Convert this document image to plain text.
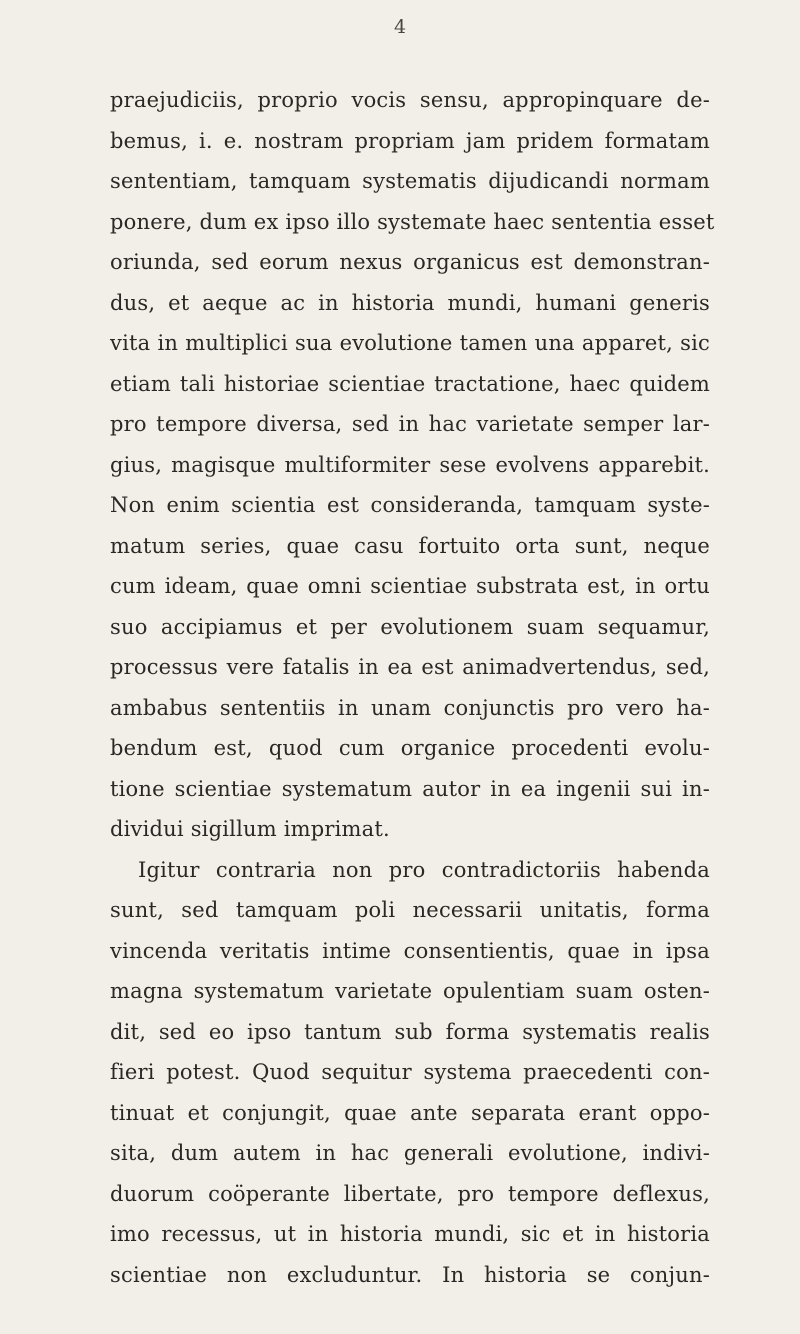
4
praejudiciis, proprio vocis sensu, appropinquare de-
bemus, i. e. nostram propriam jam pridem formatam
sententiam, tamquam systematis dijudicandi normam
ponere, dum ex ipso illo systemate haec sententia esset
oriunda, sed eorum nexus organicus est demonstran-
dus, et aeque ac in historia mundi, humani generis
vita in multiplici sua evolutione tamen una apparet, sic
etiam tali historiae scientiae tractatione, haec quidem
pro tempore diversa, sed in hac varietate semper lar-
gius, magisque multiformiter sese evolvens apparebit.
Non enim scientia est consideranda, tamquam syste-
matum series, quae casu fortuito orta sunt, neque
cum ideam, quae omni scientiae substrata est, in ortu
suo accipiamus et per evolutionem suam sequamur,
processus vere fatalis in ea est animadvertendus, sed,
ambabus sententiis in unam conjunctis pro vero ha-
bendum est, quod cum organice procedenti evolu-
tione scientiae systematum autor in ea ingenii sui in-
dividui sigillum imprimat.
Igitur contraria non pro contradictoriis habenda
sunt, sed tamquam poli necessarii unitatis, forma
vincenda veritatis intime consentientis, quae in ipsa
magna systematum varietate opulentiam suam osten-
dit, sed eo ipso tantum sub forma systematis realis
fieri potest. Quod sequitur systema praecedenti con-
tinuat et conjungit, quae ante separata erant oppo-
sita, dum autem in hac generali evolutione, indivi-
duorum coöperante libertate, pro tempore deflexus,
imo recessus, ut in historia mundi, sic et in historia
scientiae non excluduntur. In historia se conjun-
